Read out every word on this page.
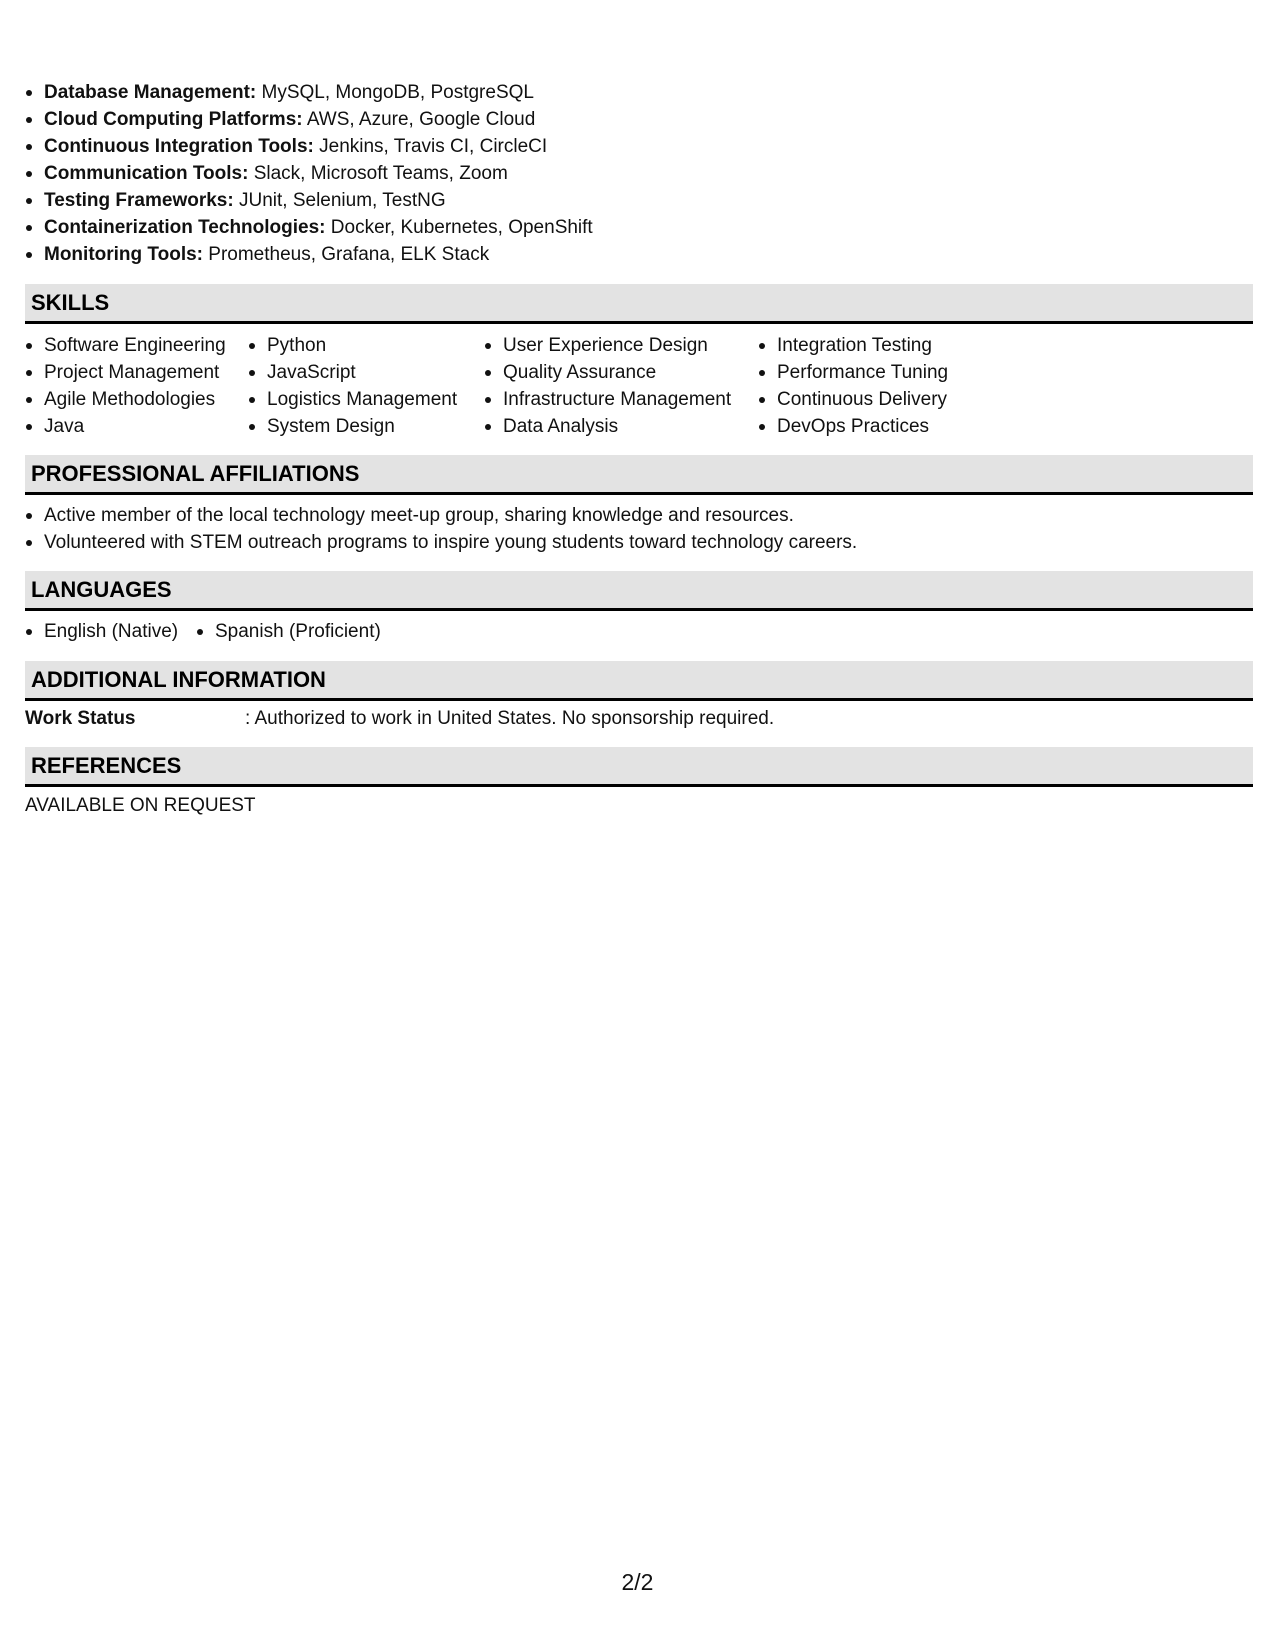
Database Management: MySQL, MongoDB, PostgreSQL
Cloud Computing Platforms: AWS, Azure, Google Cloud
Continuous Integration Tools: Jenkins, Travis CI, CircleCI
Communication Tools: Slack, Microsoft Teams, Zoom
Testing Frameworks: JUnit, Selenium, TestNG
Containerization Technologies: Docker, Kubernetes, OpenShift
Monitoring Tools: Prometheus, Grafana, ELK Stack
SKILLS
Software Engineering
Project Management
Agile Methodologies
Java
Python
JavaScript
Logistics Management
System Design
User Experience Design
Quality Assurance
Infrastructure Management
Data Analysis
Integration Testing
Performance Tuning
Continuous Delivery
DevOps Practices
PROFESSIONAL AFFILIATIONS
Active member of the local technology meet-up group, sharing knowledge and resources.
Volunteered with STEM outreach programs to inspire young students toward technology careers.
LANGUAGES
English (Native)	Spanish (Proficient)
ADDITIONAL INFORMATION
Work Status	: Authorized to work in United States. No sponsorship required.
REFERENCES
AVAILABLE ON REQUEST
2/2
